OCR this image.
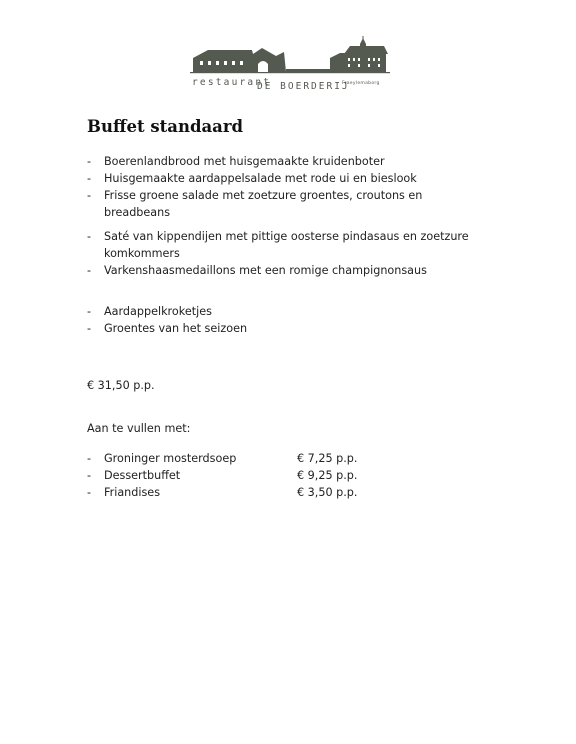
restaurant
DE BOERDERIJ
Fraeylemaborg
Buffet standaard
-	Boerenlandbrood met huisgemaakte kruidenboter
-	Huisgemaakte aardappelsalade met rode ui en bieslook
-	Frisse groene salade met zoetzure groentes, croutons en breadbeans
-	Saté van kippendijen met pittige oosterse pindasaus en zoetzure komkommers
-	Varkenshaasmedaillons met een romige champignonsaus
-	Aardappelkroketjes
-	Groentes van het seizoen

€ 31,50 p.p.

Aan te vullen met:

-	Groninger mosterdsoep	€ 7,25 p.p.
-	Dessertbuffet	€ 9,25 p.p.
-	Friandises	€ 3,50 p.p.
